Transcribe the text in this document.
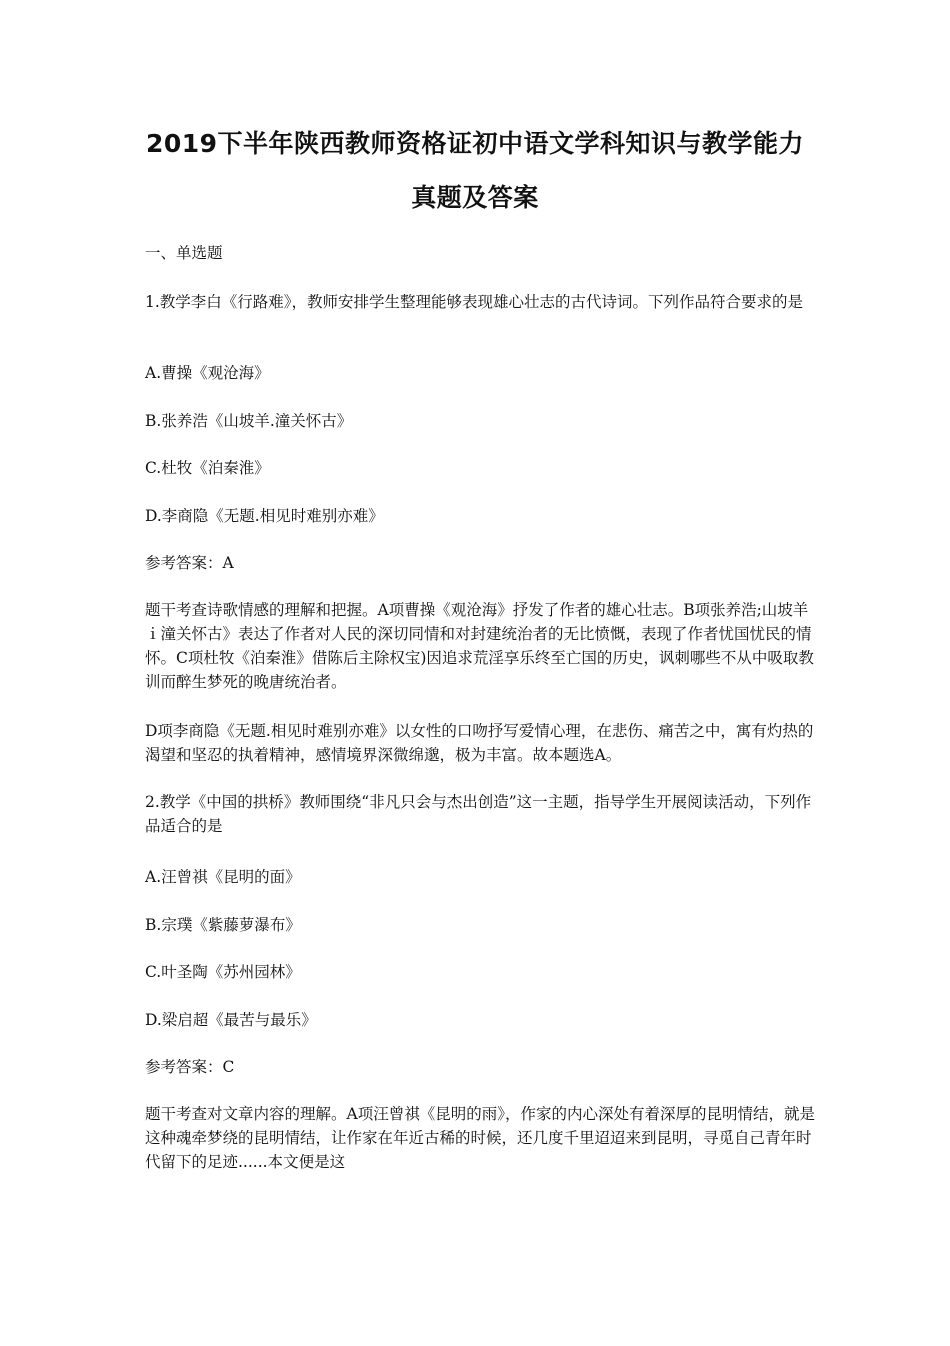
2019下半年陕西教师资格证初中语文学科知识与教学能力
真题及答案

一、单选题

1.教学李白《行路难》，教师安排学生整理能够表现雄心壮志的古代诗词。下列作品符合要求的是

A.曹操《观沧海》

B.张养浩《山坡羊.潼关怀古》

C.杜牧《泊秦淮》

D.李商隐《无题.相见时难别亦难》

参考答案：A

题干考查诗歌情感的理解和把握。A项曹操《观沧海》抒发了作者的雄心壮志。B项张养浩;山坡羊ｉ潼关怀古》表达了作者对人民的深切同情和对封建统治者的无比愤慨，表现了作者忧国忧民的情怀。C项杜牧《泊秦淮》借陈后主除权宝)因追求荒淫享乐终至亡国的历史，讽刺哪些不从中吸取教训而醉生梦死的晚唐统治者。

D项李商隐《无题.相见时难别亦难》以女性的口吻抒写爱情心理，在悲伤、痛苦之中，寓有灼热的渴望和坚忍的执着精神，感情境界深微绵邈，极为丰富。故本题选A。

2.教学《中国的拱桥》教师围绕“非凡只会与杰出创造”这一主题，指导学生开展阅读活动，下列作品适合的是

A.汪曾祺《昆明的面》

B.宗璞《紫藤萝瀑布》

C.叶圣陶《苏州园林》

D.梁启超《最苦与最乐》

参考答案：C

题干考查对文章内容的理解。A项汪曾祺《昆明的雨》，作家的内心深处有着深厚的昆明情结，就是这种魂牵梦绕的昆明情结，让作家在年近古稀的时候，还几度千里迢迢来到昆明，寻觅自己青年时代留下的足迹......本文便是这
